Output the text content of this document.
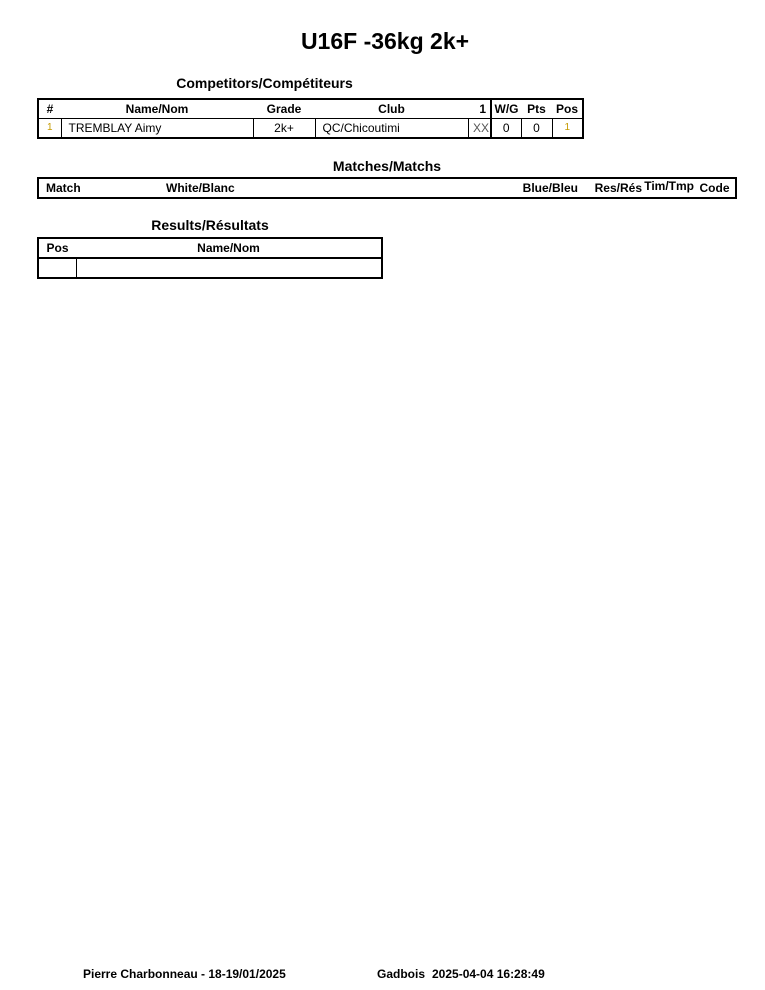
U16F -36kg 2k+
Competitors/Compétiteurs
#	Name/Nom	Grade	Club	1	W/G	Pts	Pos
1	TREMBLAY Aimy	2k+	QC/Chicoutimi	XX	0	0	1
Matches/Matchs
Match	White/Blanc	Blue/Bleu	Res/Rés	Tim/Tmp	Code
Results/Résultats
Pos	Name/Nom

Pierre Charbonneau - 18-19/01/2025	Gadbois 2025-04-04 16:28:49
